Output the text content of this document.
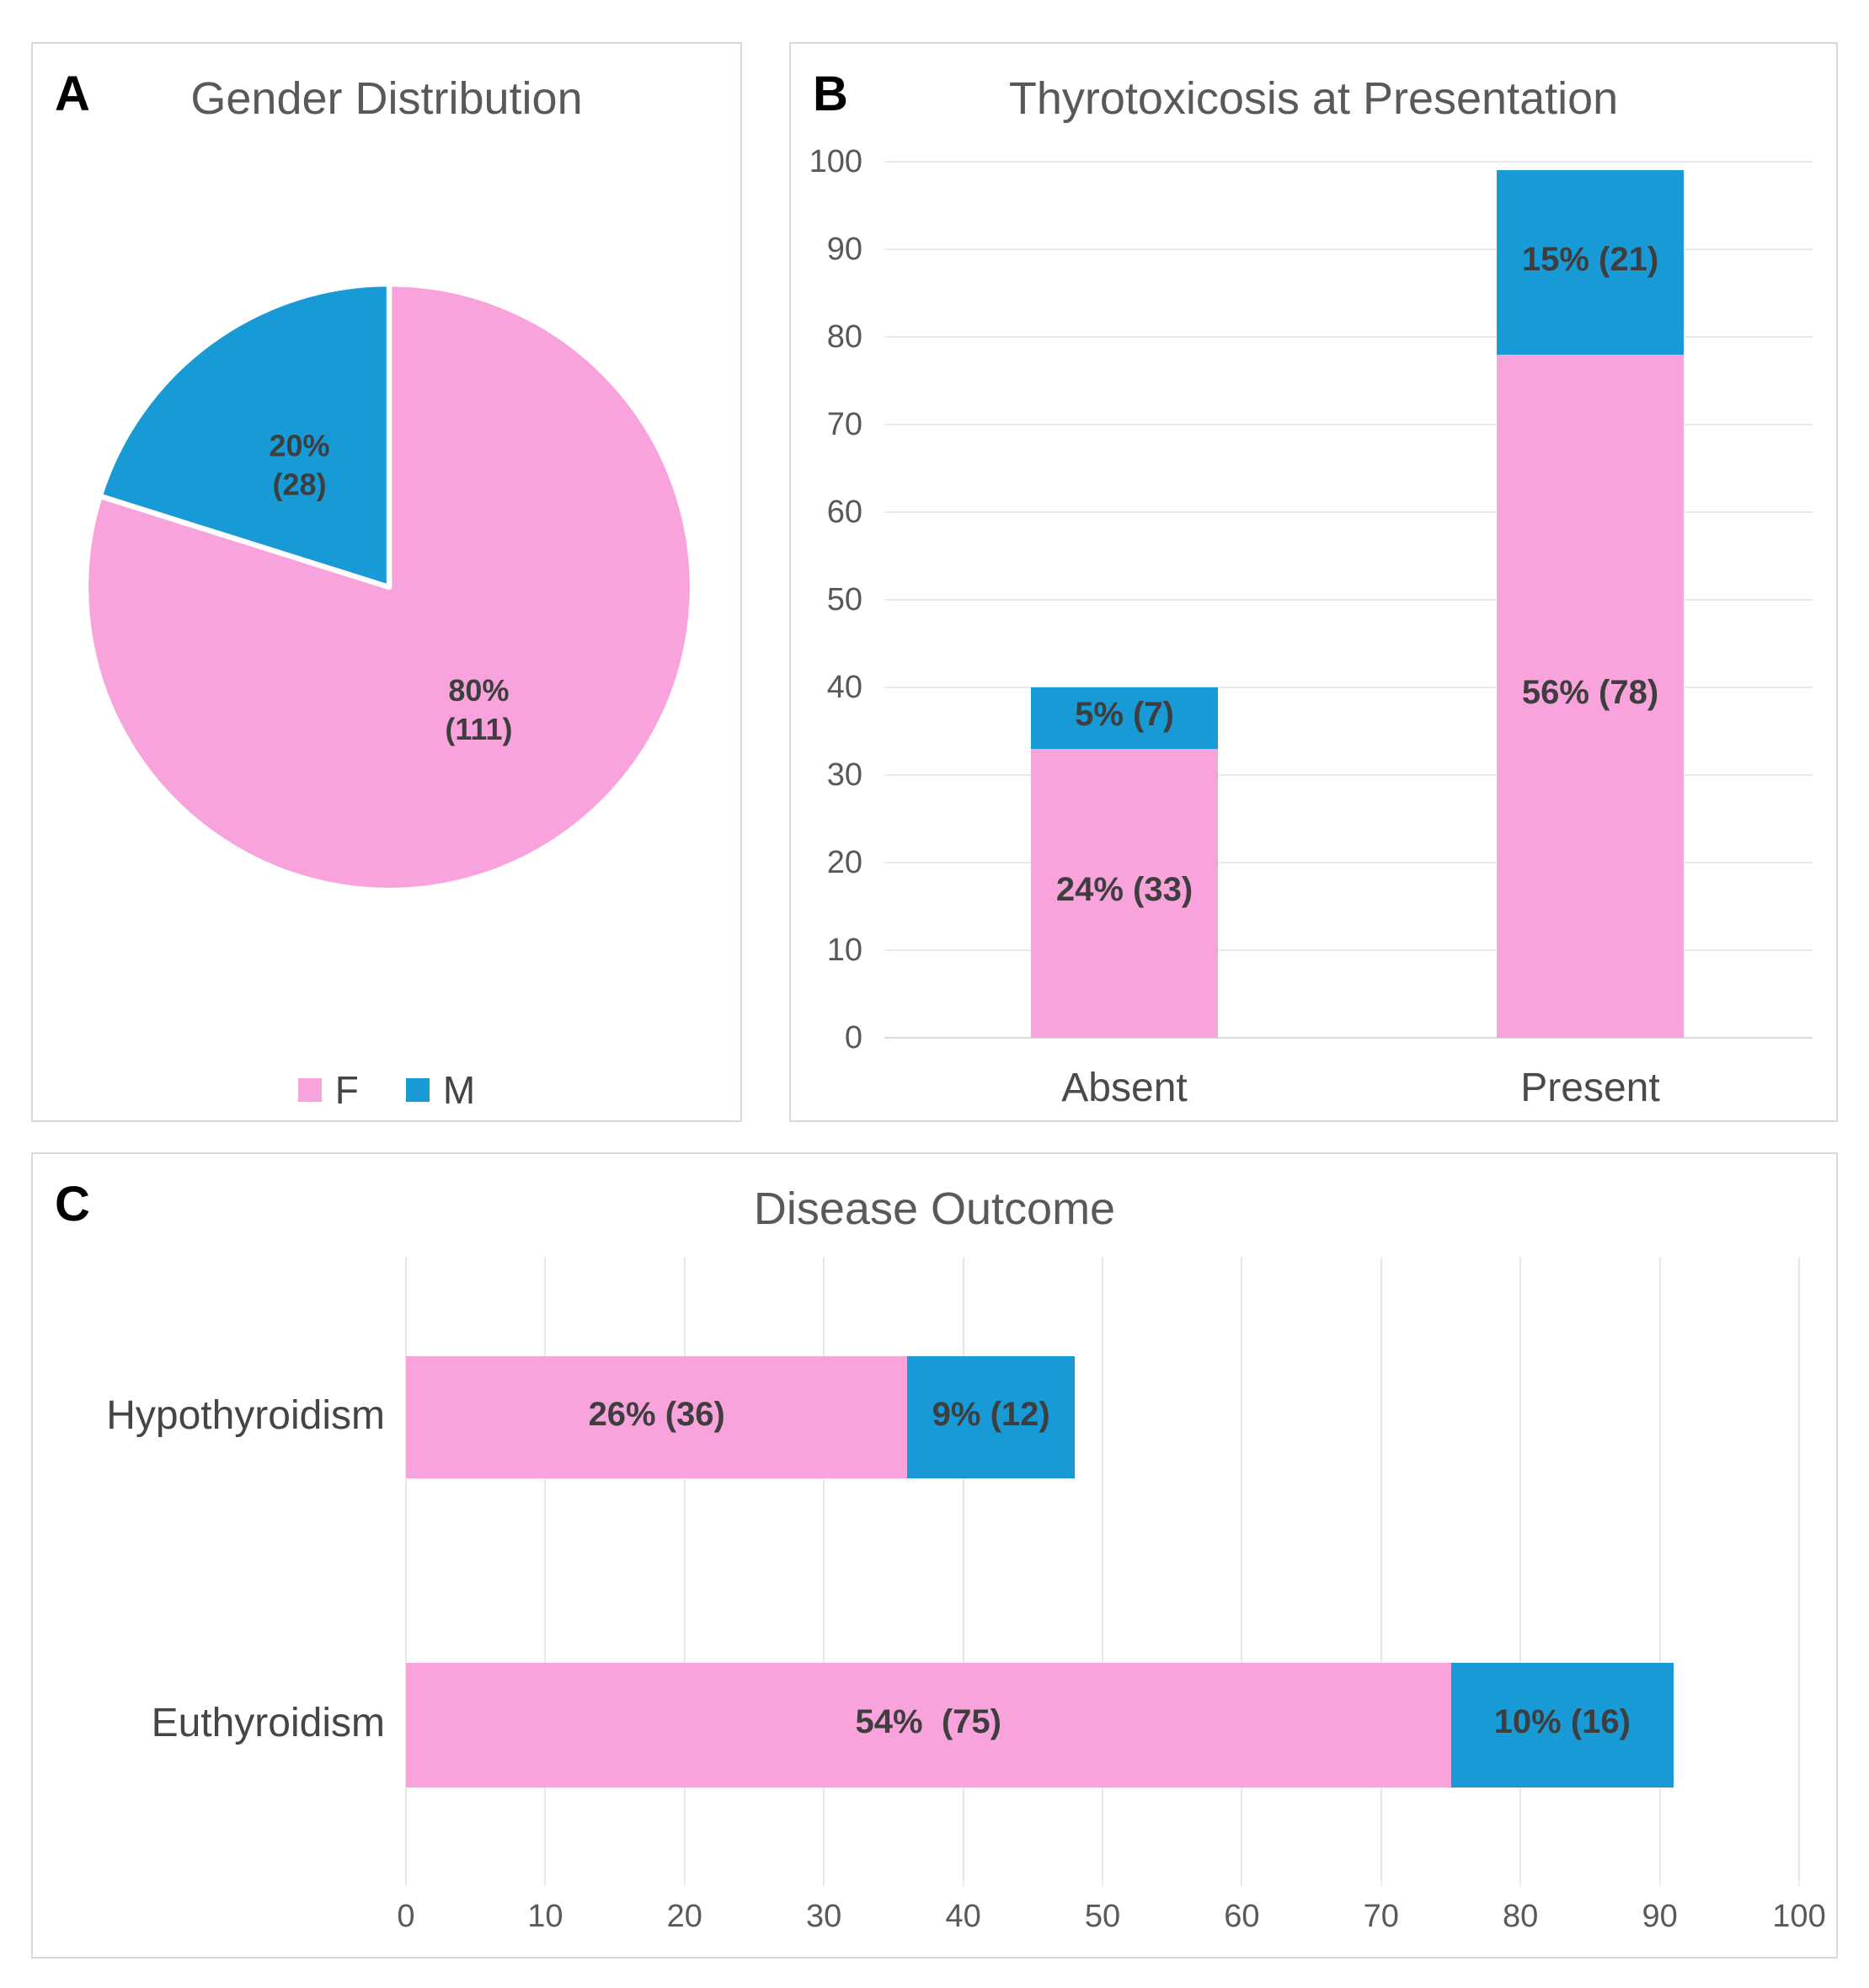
A	Gender Distribution
80%
(111)
20%
(28)
F M
B	Thyrotoxicosis at Presentation
0
10
20
30
40
50
60
70
80
90
100
24% (33)
5% (7)
Absent
56% (78)
15% (21)
Present
C	Disease Outcome
0	10	20	30	40	50	60	70	80	90	100
26% (36)	9% (12)
Hypothyroidism
54%  (75)	10% (16)
Euthyroidism
